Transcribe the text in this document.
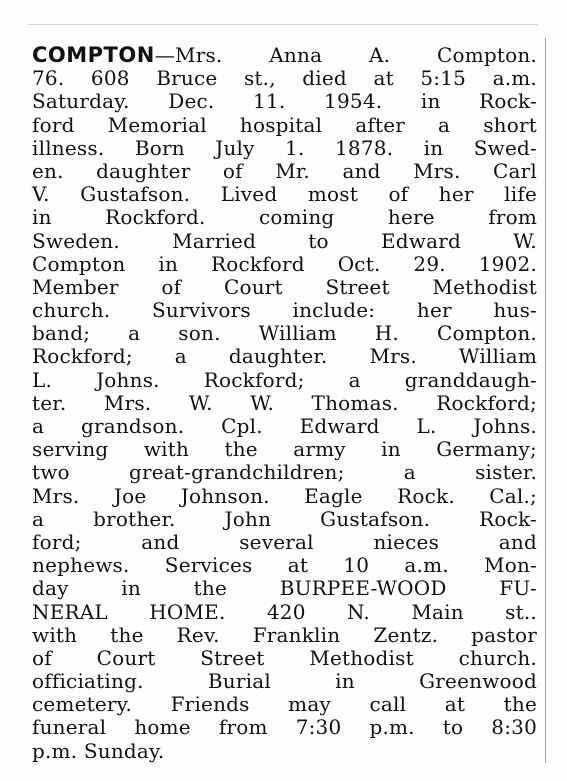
COMPTON—Mrs. Anna A. Compton.
76. 608 Bruce st., died at 5:15 a.m.
Saturday. Dec. 11. 1954. in Rock-
ford Memorial hospital after a short
illness. Born July 1. 1878. in Swed-
en. daughter of Mr. and Mrs. Carl
V. Gustafson. Lived most of her life
in Rockford. coming here from
Sweden. Married to Edward W.
Compton in Rockford Oct. 29. 1902.
Member of Court Street Methodist
church. Survivors include: her hus-
band; a son. William H. Compton.
Rockford; a daughter. Mrs. William
L. Johns. Rockford; a granddaugh-
ter. Mrs. W. W. Thomas. Rockford;
a grandson. Cpl. Edward L. Johns.
serving with the army in Germany;
two great-grandchildren; a sister.
Mrs. Joe Johnson. Eagle Rock. Cal.;
a brother. John Gustafson. Rock-
ford; and several nieces and
nephews. Services at 10 a.m. Mon-
day in the BURPEE-WOOD FU-
NERAL HOME. 420 N. Main st..
with the Rev. Franklin Zentz. pastor
of Court Street Methodist church.
officiating. Burial in Greenwood
cemetery. Friends may call at the
funeral home from 7:30 p.m. to 8:30
p.m. Sunday.
